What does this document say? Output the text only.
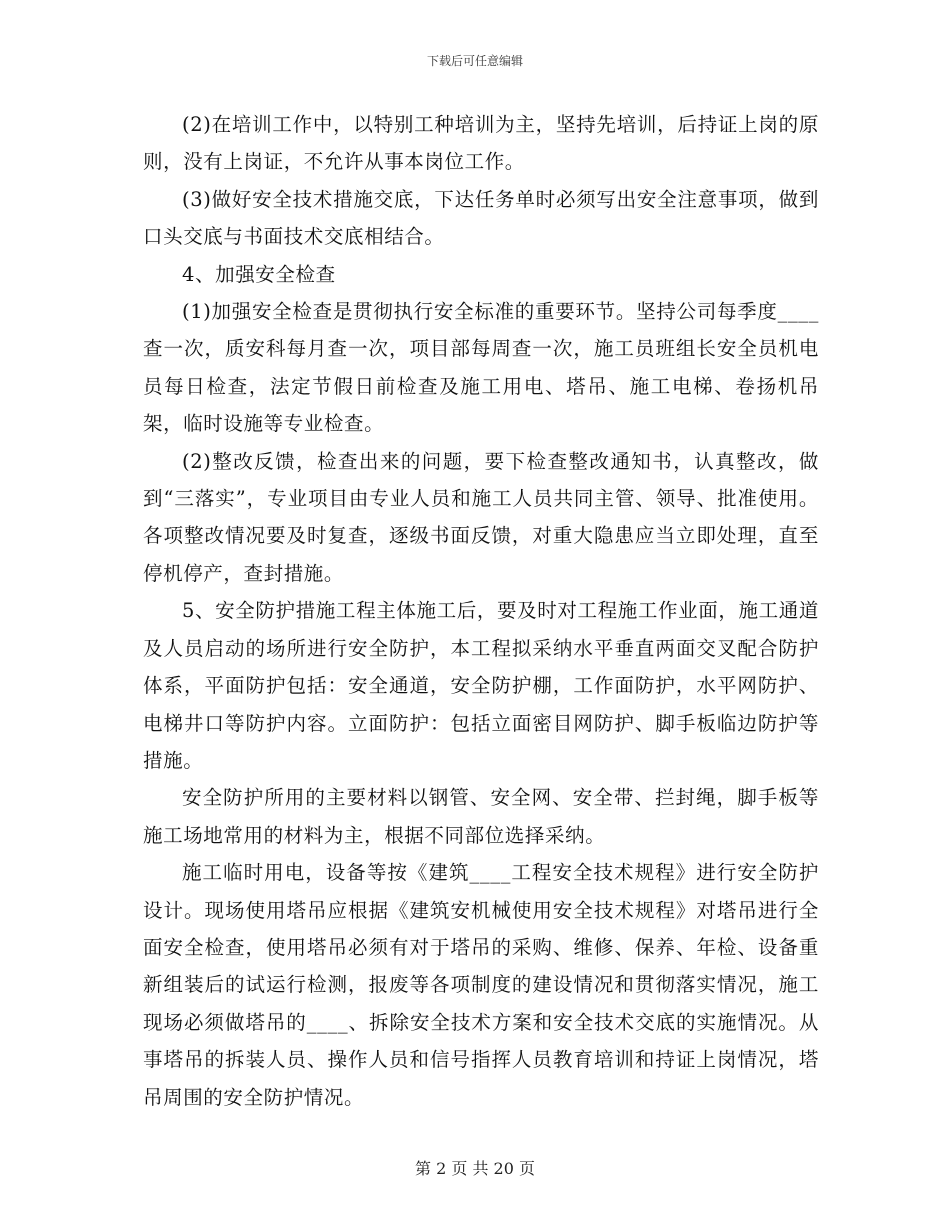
下载后可任意编辑

(2)在培训工作中，以特别工种培训为主，坚持先培训，后持证上岗的原则，没有上岗证，不允许从事本岗位工作。

(3)做好安全技术措施交底，下达任务单时必须写出安全注意事项，做到口头交底与书面技术交底相结合。

4、加强安全检查

(1)加强安全检查是贯彻执行安全标准的重要环节。坚持公司每季度____查一次，质安科每月查一次，项目部每周查一次，施工员班组长安全员机电员每日检查，法定节假日前检查及施工用电、塔吊、施工电梯、卷扬机吊架，临时设施等专业检查。

(2)整改反馈，检查出来的问题，要下检查整改通知书，认真整改，做到“三落实”，专业项目由专业人员和施工人员共同主管、领导、批准使用。各项整改情况要及时复查，逐级书面反馈，对重大隐患应当立即处理，直至停机停产，查封措施。

5、安全防护措施工程主体施工后，要及时对工程施工作业面，施工通道及人员启动的场所进行安全防护，本工程拟采纳水平垂直两面交叉配合防护体系，平面防护包括：安全通道，安全防护棚，工作面防护，水平网防护、电梯井口等防护内容。立面防护：包括立面密目网防护、脚手板临边防护等措施。

安全防护所用的主要材料以钢管、安全网、安全带、拦封绳，脚手板等施工场地常用的材料为主，根据不同部位选择采纳。

施工临时用电，设备等按《建筑____工程安全技术规程》进行安全防护设计。现场使用塔吊应根据《建筑安机械使用安全技术规程》对塔吊进行全面安全检查，使用塔吊必须有对于塔吊的采购、维修、保养、年检、设备重新组装后的试运行检测，报废等各项制度的建设情况和贯彻落实情况，施工现场必须做塔吊的____、拆除安全技术方案和安全技术交底的实施情况。从事塔吊的拆装人员、操作人员和信号指挥人员教育培训和持证上岗情况，塔吊周围的安全防护情况。

第 2 页 共 20 页
